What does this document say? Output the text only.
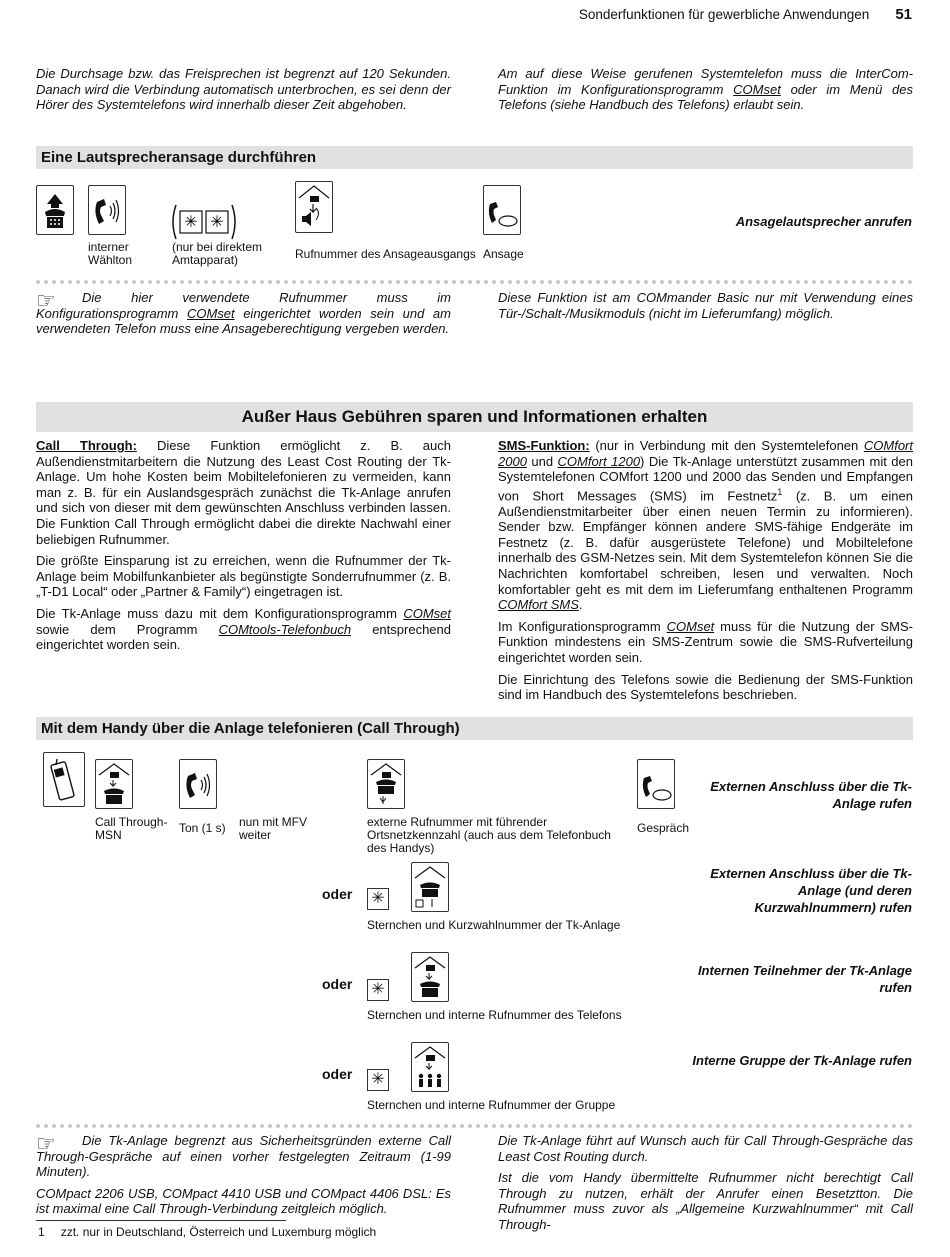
Sonderfunktionen für gewerbliche Anwendungen 51
Die Durchsage bzw. das Freisprechen ist begrenzt auf 120 Sekunden. Danach wird die Verbindung automatisch unterbrochen, es sei denn der Hörer des Systemtelefons wird innerhalb dieser Zeit abgehoben.
Am auf diese Weise gerufenen Systemtelefon muss die InterCom-Funktion im Konfigurationsprogramm COMset oder im Menü des Telefons (siehe Handbuch des Telefons) erlaubt sein.
Eine Lautsprecheransage durchführen
interner Wählton
✳ ✳
(nur bei direktem Amtapparat)	Rufnummer des Ansageausgangs Ansage
Ansagelautsprecher anrufen
☞	Die hier verwendete Rufnummer muss im Konfigurationsprogramm COMset eingerichtet worden sein und am verwendeten Telefon muss eine Ansageberechtigung vergeben werden.
Diese Funktion ist am COMmander Basic nur mit Verwendung eines Tür-/Schalt-/Musikmoduls (nicht im Lieferumfang) möglich.
Außer Haus Gebühren sparen und Informationen erhalten

Call Through: Diese Funktion ermöglicht z. B. auch Außendienstmitarbeitern die Nutzung des Least Cost Routing der Tk-Anlage. Um hohe Kosten beim Mobiltelefonieren zu vermeiden, kann man z. B. für ein Auslandsgespräch zunächst die Tk-Anlage anrufen und sich von dieser mit dem gewünschten Anschluss verbinden lassen. Die Funktion Call Through ermöglicht dabei die direkte Nachwahl einer beliebigen Rufnummer.

Die größte Einsparung ist zu erreichen, wenn die Rufnummer der Tk-Anlage beim Mobilfunkanbieter als begünstigte Sonderrufnummer (z. B. „T-D1 Local“ oder „Partner & Family“) eingetragen ist.

Die Tk-Anlage muss dazu mit dem Konfigurationsprogramm COMset sowie dem Programm COMtools-Telefonbuch entsprechend eingerichtet worden sein.

SMS-Funktion: (nur in Verbindung mit den Systemtelefonen COMfort 2000 und COMfort 1200) Die Tk-Anlage unterstützt zusammen mit den Systemtelefonen COMfort 1200 und 2000 das Senden und Empfangen von Short Messages (SMS) im Festnetz$^1$ (z. B. um einen Außendienstmitarbeiter über einen neuen Termin zu informieren). Sender bzw. Empfänger können andere SMS-fähige Endgeräte im Festnetz (z. B. dafür ausgerüstete Telefone) und Mobiltelefone innerhalb des GSM-Netzes sein. Mit dem Systemtelefon können Sie die Nachrichten komfortabel schreiben, lesen und verwalten. Noch komfortabler geht es mit dem im Lieferumfang enthaltenen Programm COMfort SMS.

Im Konfigurationsprogramm COMset muss für die Nutzung der SMS-Funktion mindestens ein SMS-Zentrum sowie die SMS-Rufverteilung eingerichtet worden sein.

Die Einrichtung des Telefons sowie die Bedienung der SMS-Funktion sind im Handbuch des Systemtelefons beschrieben.

Mit dem Handy über die Anlage telefonieren (Call Through)
Call Through-MSN	Ton (1 s)	nun mit MFV weiter
externe Rufnummer mit führender Ortsnetzkennzahl (auch aus dem Telefonbuch des Handys)
Gespräch
Externen Anschluss über die Tk-Anlage rufen
oder ✳
Sternchen und Kurzwahlnummer der Tk-Anlage
Externen Anschluss über die Tk-Anlage (und deren Kurzwahlnummern) rufen
oder ✳
Sternchen und interne Rufnummer des Telefons
Internen Teilnehmer der Tk-Anlage rufen
oder ✳
Sternchen und interne Rufnummer der Gruppe
Interne Gruppe der Tk-Anlage rufen
☞	Die Tk-Anlage begrenzt aus Sicherheitsgründen externe Call Through-Gespräche auf einen vorher festgelegten Zeitraum (1-99 Minuten).

COMpact 2206 USB, COMpact 4410 USB und COMpact 4406 DSL: Es ist maximal eine Call Through-Verbindung zeitgleich möglich.

Die Tk-Anlage führt auf Wunsch auch für Call Through-Gespräche das Least Cost Routing durch.

Ist die vom Handy übermittelte Rufnummer nicht berechtigt Call Through zu nutzen, erhält der Anrufer einen Besetztton. Die Rufnummer muss zuvor als „Allgemeine Kurzwahlnummer“ mit Call Through-

1 zzt. nur in Deutschland, Österreich und Luxemburg möglich
